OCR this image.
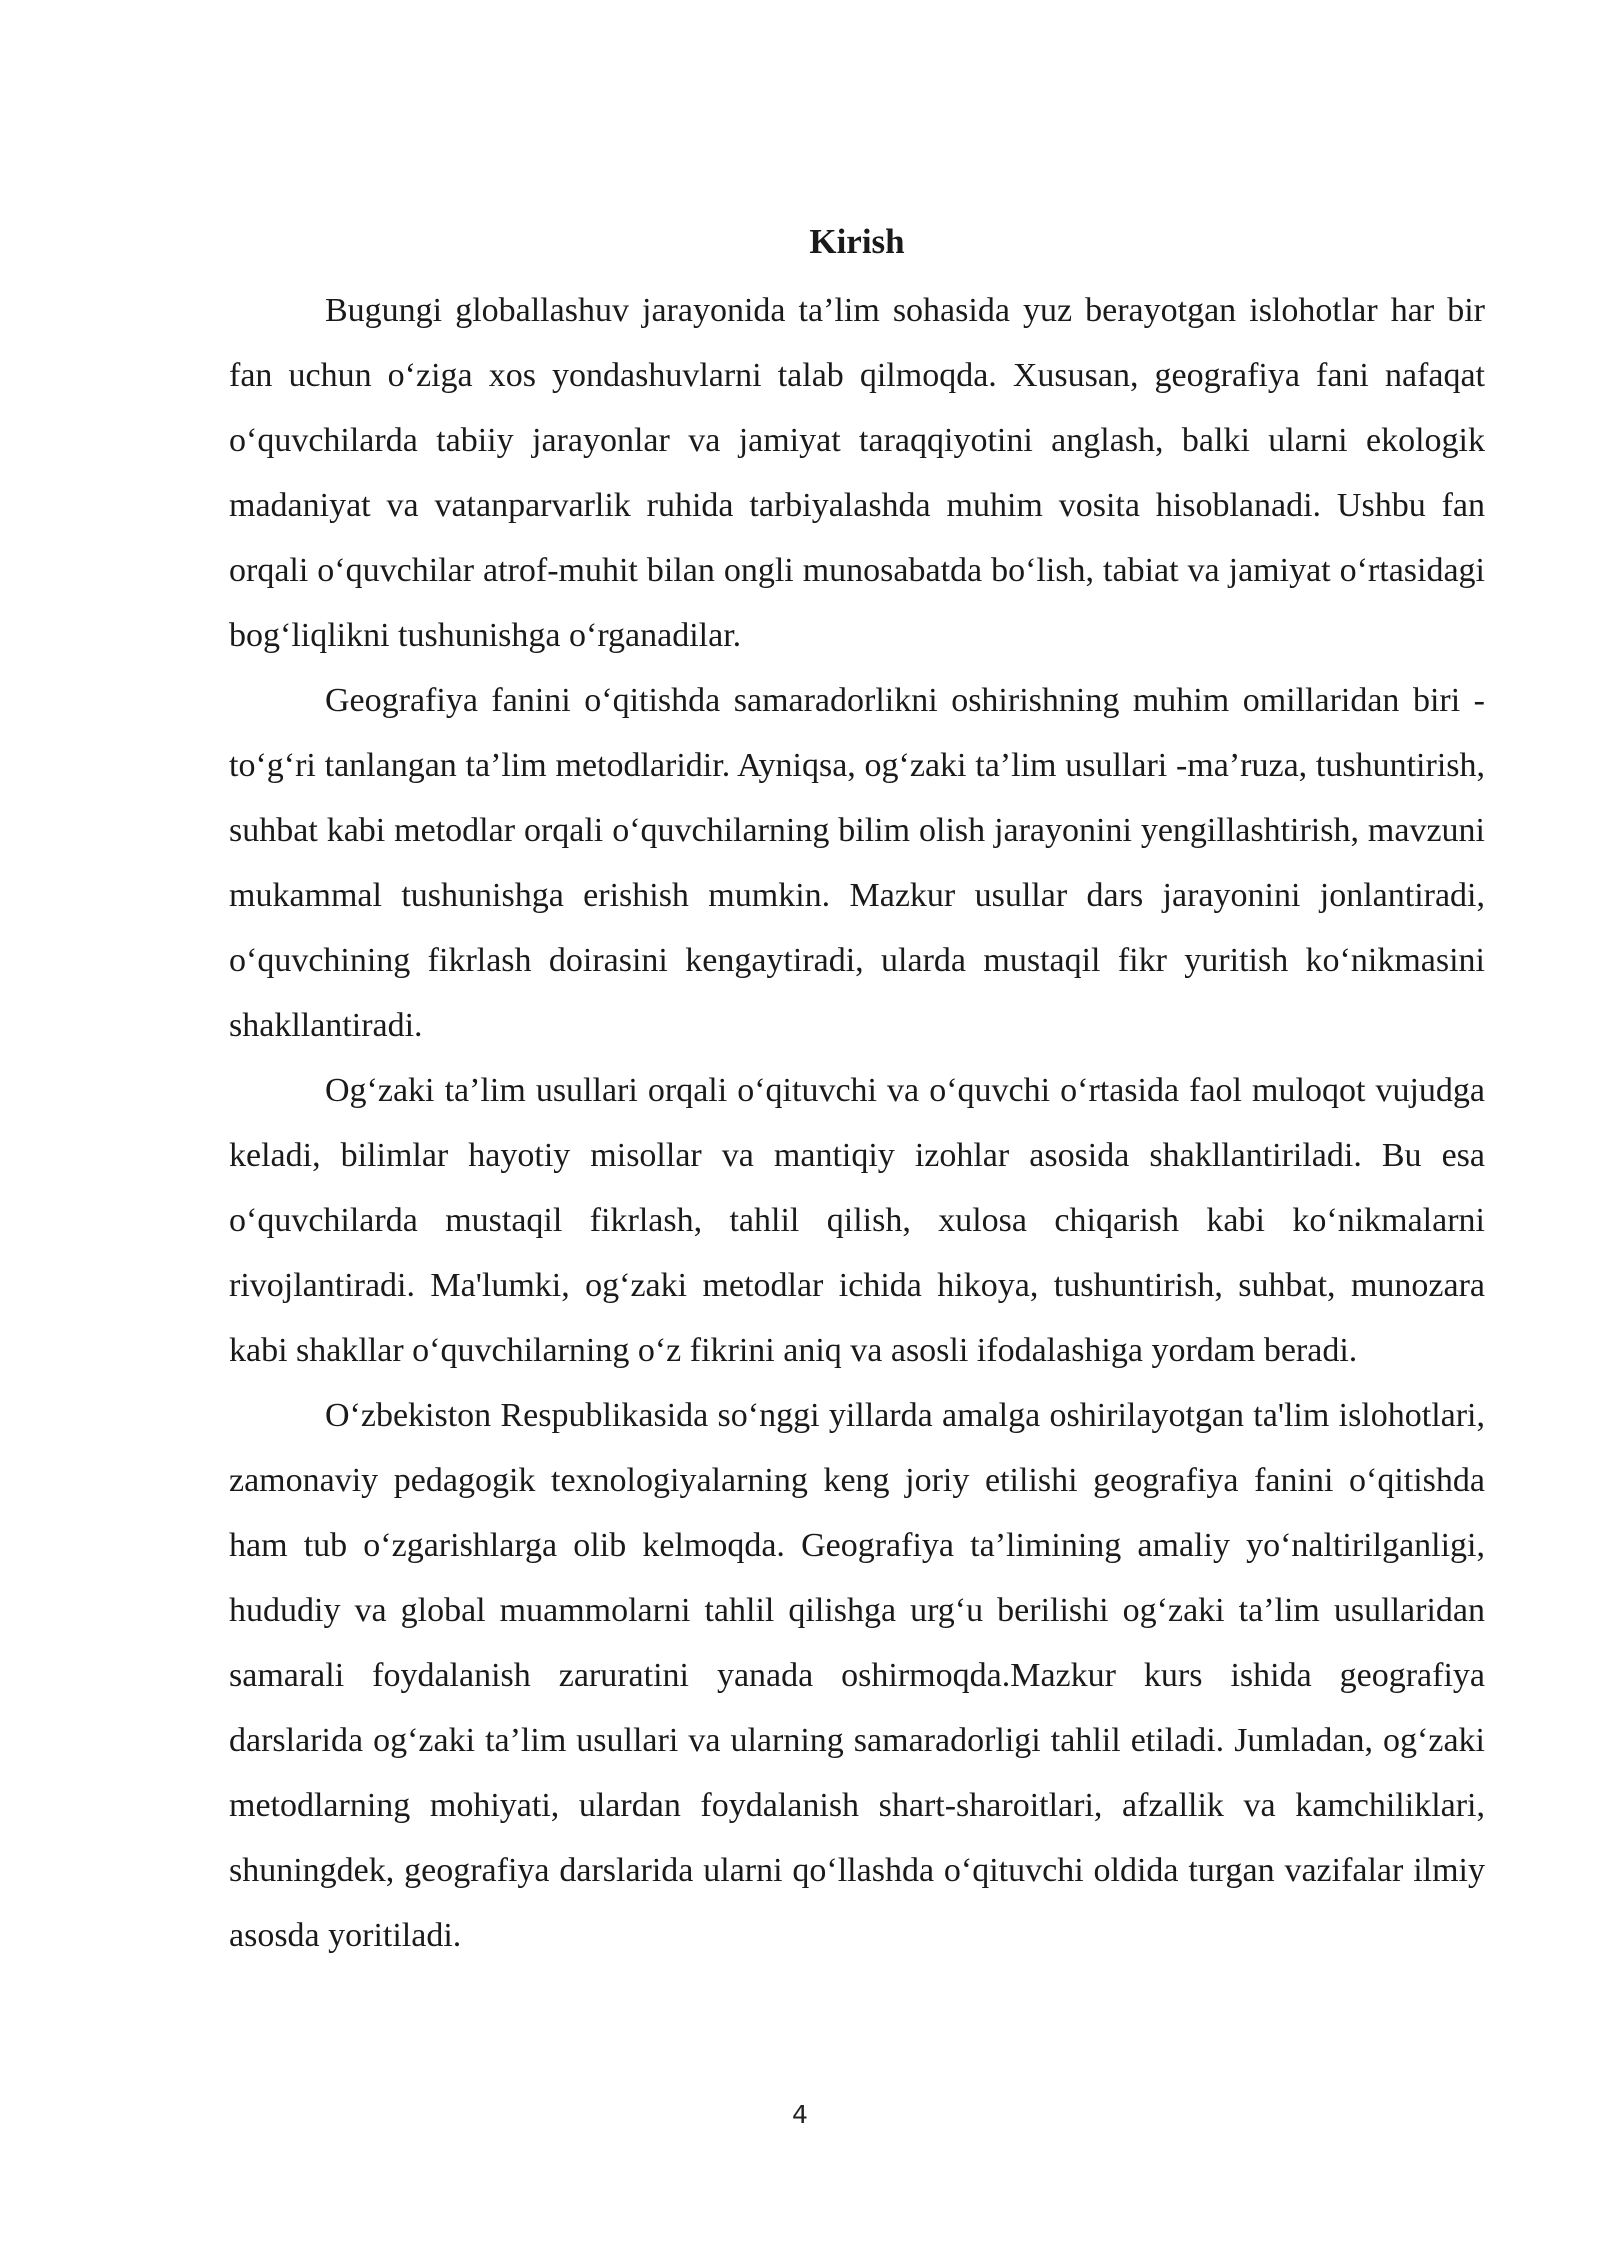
Kirish

Bugungi globallashuv jarayonida ta’lim sohasida yuz berayotgan islohotlar har bir fan uchun o‘ziga xos yondashuvlarni talab qilmoqda. Xususan, geografiya fani nafaqat o‘quvchilarda tabiiy jarayonlar va jamiyat taraqqiyotini anglash, balki ularni ekologik madaniyat va vatanparvarlik ruhida tarbiyalashda muhim vosita hisoblanadi. Ushbu fan orqali o‘quvchilar atrof-muhit bilan ongli munosabatda bo‘lish, tabiat va jamiyat o‘rtasidagi bog‘liqlikni tushunishga o‘rganadilar.

Geografiya fanini o‘qitishda samaradorlikni oshirishning muhim omillaridan biri -to‘g‘ri tanlangan ta’lim metodlaridir. Ayniqsa, og‘zaki ta’lim usullari -ma’ruza, tushuntirish, suhbat kabi metodlar orqali o‘quvchilarning bilim olish jarayonini yengillashtirish, mavzuni mukammal tushunishga erishish mumkin. Mazkur usullar dars jarayonini jonlantiradi, o‘quvchining fikrlash doirasini kengaytiradi, ularda mustaqil fikr yuritish ko‘nikmasini shakllantiradi.

Og‘zaki ta’lim usullari orqali o‘qituvchi va o‘quvchi o‘rtasida faol muloqot vujudga keladi, bilimlar hayotiy misollar va mantiqiy izohlar asosida shakllantiriladi. Bu esa o‘quvchilarda mustaqil fikrlash, tahlil qilish, xulosa chiqarish kabi ko‘nikmalarni rivojlantiradi. Ma'lumki, og‘zaki metodlar ichida hikoya, tushuntirish, suhbat, munozara kabi shakllar o‘quvchilarning o‘z fikrini aniq va asosli ifodalashiga yordam beradi.

O‘zbekiston Respublikasida so‘nggi yillarda amalga oshirilayotgan ta'lim islohotlari, zamonaviy pedagogik texnologiyalarning keng joriy etilishi geografiya fanini o‘qitishda ham tub o‘zgarishlarga olib kelmoqda. Geografiya ta’limining amaliy yo‘naltirilganligi, hududiy va global muammolarni tahlil qilishga urg‘u berilishi og‘zaki ta’lim usullaridan samarali foydalanish zaruratini yanada oshirmoqda.Mazkur kurs ishida geografiya darslarida og‘zaki ta’lim usullari va ularning samaradorligi tahlil etiladi. Jumladan, og‘zaki metodlarning mohiyati, ulardan foydalanish shart-sharoitlari, afzallik va kamchiliklari, shuningdek, geografiya darslarida ularni qo‘llashda o‘qituvchi oldida turgan vazifalar ilmiy asosda yoritiladi.

4
